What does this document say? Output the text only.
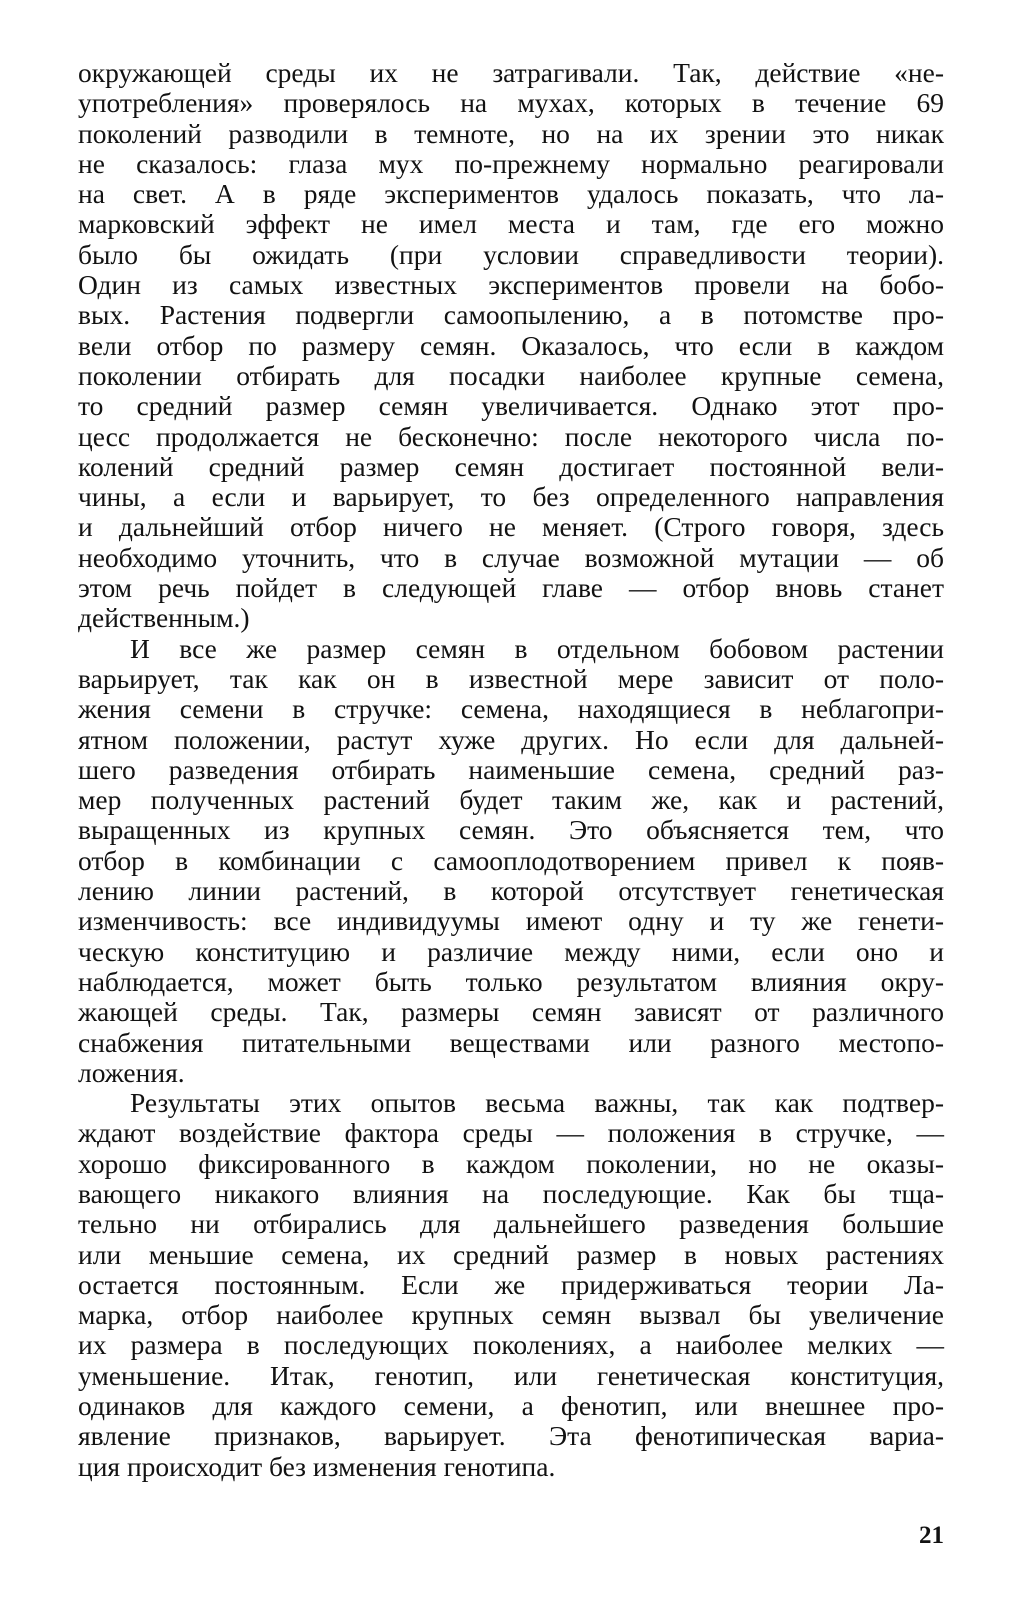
окружающей среды их не затрагивали. Так, действие «не-
употребления» проверялось на мухах, которых в течение 69
поколений разводили в темноте, но на их зрении это никак
не сказалось: глаза мух по-прежнему нормально реагировали
на свет. А в ряде экспериментов удалось показать, что ла-
марковский эффект не имел места и там, где его можно
было бы ожидать (при условии справедливости теории).
Один из самых известных экспериментов провели на бобо-
вых. Растения подвергли самоопылению, а в потомстве про-
вели отбор по размеру семян. Оказалось, что если в каждом
поколении отбирать для посадки наиболее крупные семена,
то средний размер семян увеличивается. Однако этот про-
цесс продолжается не бесконечно: после некоторого числа по-
колений средний размер семян достигает постоянной вели-
чины, а если и варьирует, то без определенного направления
и дальнейший отбор ничего не меняет. (Строго говоря, здесь
необходимо уточнить, что в случае возможной мутации — об
этом речь пойдет в следующей главе — отбор вновь станет
действенным.)
И все же размер семян в отдельном бобовом растении
варьирует, так как он в известной мере зависит от поло-
жения семени в стручке: семена, находящиеся в неблагопри-
ятном положении, растут хуже других. Но если для дальней-
шего разведения отбирать наименьшие семена, средний раз-
мер полученных растений будет таким же, как и растений,
выращенных из крупных семян. Это объясняется тем, что
отбор в комбинации с самооплодотворением привел к появ-
лению линии растений, в которой отсутствует генетическая
изменчивость: все индивидуумы имеют одну и ту же генети-
ческую конституцию и различие между ними, если оно и
наблюдается, может быть только результатом влияния окру-
жающей среды. Так, размеры семян зависят от различного
снабжения питательными веществами или разного местопо-
ложения.
Результаты этих опытов весьма важны, так как подтвер-
ждают воздействие фактора среды — положения в стручке, —
хорошо фиксированного в каждом поколении, но не оказы-
вающего никакого влияния на последующие. Как бы тща-
тельно ни отбирались для дальнейшего разведения большие
или меньшие семена, их средний размер в новых растениях
остается постоянным. Если же придерживаться теории Ла-
марка, отбор наиболее крупных семян вызвал бы увеличение
их размера в последующих поколениях, а наиболее мелких —
уменьшение. Итак, генотип, или генетическая конституция,
одинаков для каждого семени, а фенотип, или внешнее про-
явление признаков, варьирует. Эта фенотипическая вариа-
ция происходит без изменения генотипа.
21
